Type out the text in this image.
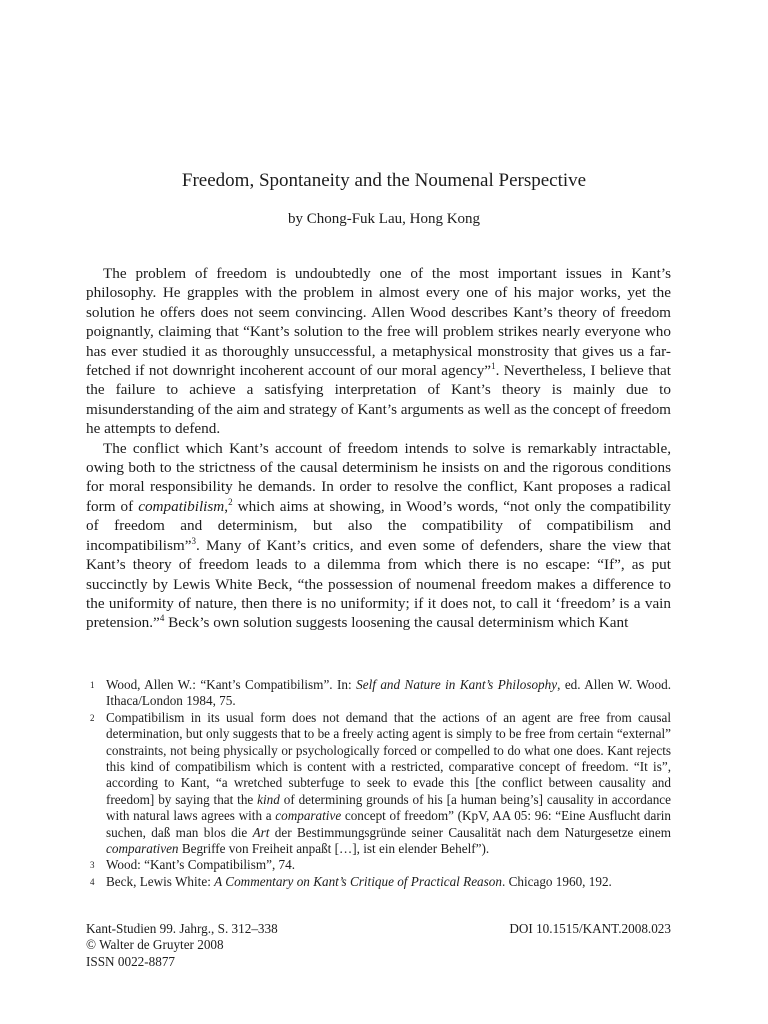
Freedom, Spontaneity and the Noumenal Perspective
by Chong-Fuk Lau, Hong Kong

The problem of freedom is undoubtedly one of the most important issues in Kant’s philosophy. He grapples with the problem in almost every one of his major works, yet the solution he offers does not seem convincing. Allen Wood describes Kant’s theory of freedom poignantly, claiming that “Kant’s solution to the free will problem strikes nearly everyone who has ever studied it as thoroughly unsuccessful, a metaphysical monstrosity that gives us a far-fetched if not downright incoherent account of our moral agency”$^1$. Nevertheless, I believe that the failure to achieve a satisfying interpretation of Kant’s theory is mainly due to misunderstanding of the aim and strategy of Kant’s arguments as well as the concept of freedom he attempts to defend.

The conflict which Kant’s account of freedom intends to solve is remarkably intractable, owing both to the strictness of the causal determinism he insists on and the rigorous conditions for moral responsibility he demands. In order to resolve the conflict, Kant proposes a radical form of compatibilism,$^2$ which aims at showing, in Wood’s words, “not only the compatibility of freedom and determinism, but also the compatibility of compatibilism and incompatibilism”$^3$. Many of Kant’s critics, and even some of defenders, share the view that Kant’s theory of freedom leads to a dilemma from which there is no escape: “If”, as put succinctly by Lewis White Beck, “the possession of noumenal freedom makes a difference to the uniformity of nature, then there is no uniformity; if it does not, to call it ‘freedom’ is a vain pretension.”$^4$ Beck’s own solution suggests loosening the causal determinism which Kant

1 Wood, Allen W.: “Kant’s Compatibilism”. In: Self and Nature in Kant’s Philosophy, ed. Allen W. Wood. Ithaca/London 1984, 75.
2 Compatibilism in its usual form does not demand that the actions of an agent are free from causal determination, but only suggests that to be a freely acting agent is simply to be free from certain “external” constraints, not being physically or psychologically forced or compelled to do what one does. Kant rejects this kind of compatibilism which is content with a restricted, comparative concept of freedom. “It is”, according to Kant, “a wretched subterfuge to seek to evade this [the conflict between causality and freedom] by saying that the kind of determining grounds of his [a human being’s] causality in accordance with natural laws agrees with a comparative concept of freedom” (KpV, AA 05: 96: “Eine Ausflucht darin suchen, daß man blos die Art der Bestimmungsgründe seiner Causalität nach dem Naturgesetze einem comparativen Begriffe von Freiheit anpaßt […], ist ein elender Behelf”).
3 Wood: “Kant’s Compatibilism”, 74.
4 Beck, Lewis White: A Commentary on Kant’s Critique of Practical Reason. Chicago 1960, 192.
Kant-Studien 99. Jahrg., S. 312–338
© Walter de Gruyter 2008
ISSN 0022-8877
DOI 10.1515/KANT.2008.023
